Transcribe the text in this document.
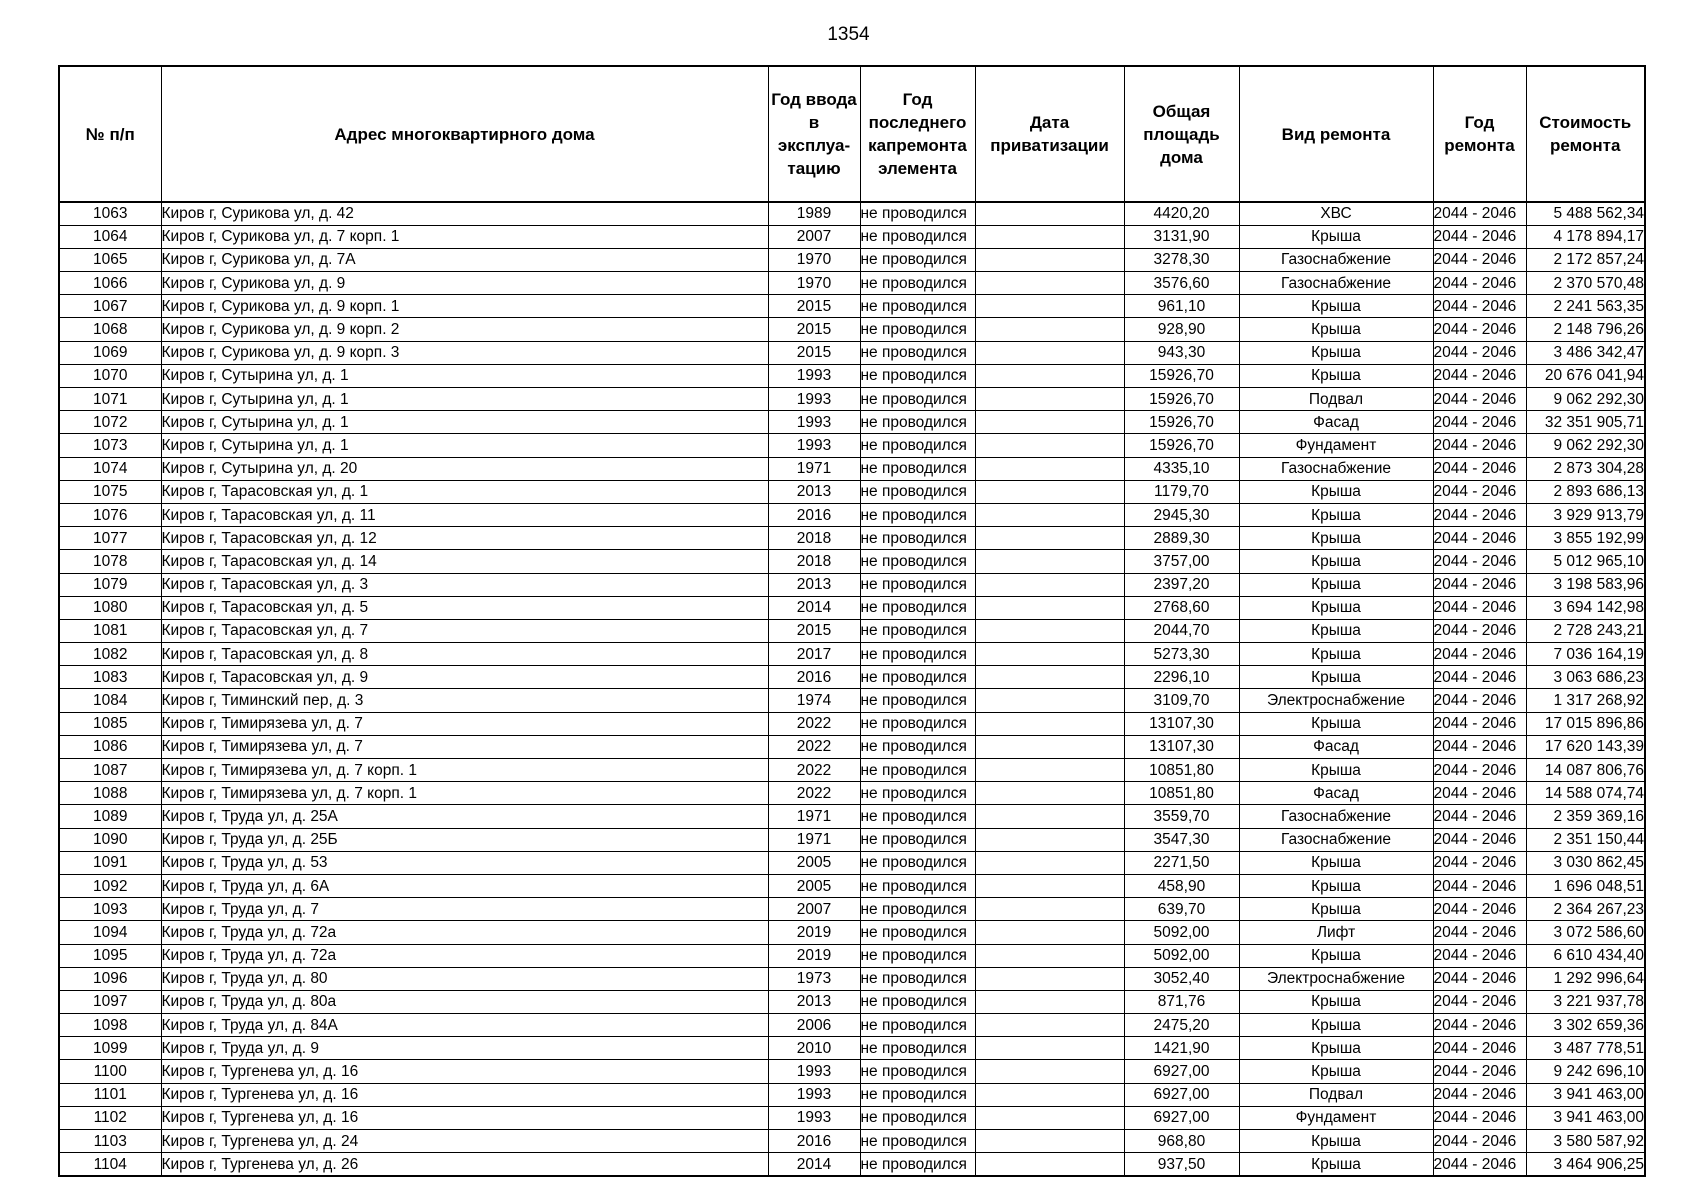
1354
№ п/п	Адрес многоквартирного дома	Год ввода в эксплуа-тацию	Год последнего капремонта элемента	Дата приватизации	Общая площадь дома	Вид ремонта	Год ремонта	Стоимость ремонта

1063	Киров г, Сурикова ул, д. 42	1989	не проводился		4420,20	ХВС	2044 - 2046	5 488 562,34
1064	Киров г, Сурикова ул, д. 7 корп. 1	2007	не проводился		3131,90	Крыша	2044 - 2046	4 178 894,17
1065	Киров г, Сурикова ул, д. 7А	1970	не проводился		3278,30	Газоснабжение	2044 - 2046	2 172 857,24
1066	Киров г, Сурикова ул, д. 9	1970	не проводился		3576,60	Газоснабжение	2044 - 2046	2 370 570,48
1067	Киров г, Сурикова ул, д. 9 корп. 1	2015	не проводился		961,10	Крыша	2044 - 2046	2 241 563,35
1068	Киров г, Сурикова ул, д. 9 корп. 2	2015	не проводился		928,90	Крыша	2044 - 2046	2 148 796,26
1069	Киров г, Сурикова ул, д. 9 корп. 3	2015	не проводился		943,30	Крыша	2044 - 2046	3 486 342,47
1070	Киров г, Сутырина ул, д. 1	1993	не проводился		15926,70	Крыша	2044 - 2046	20 676 041,94
1071	Киров г, Сутырина ул, д. 1	1993	не проводился		15926,70	Подвал	2044 - 2046	9 062 292,30
1072	Киров г, Сутырина ул, д. 1	1993	не проводился		15926,70	Фасад	2044 - 2046	32 351 905,71
1073	Киров г, Сутырина ул, д. 1	1993	не проводился		15926,70	Фундамент	2044 - 2046	9 062 292,30
1074	Киров г, Сутырина ул, д. 20	1971	не проводился		4335,10	Газоснабжение	2044 - 2046	2 873 304,28
1075	Киров г, Тарасовская ул, д. 1	2013	не проводился		1179,70	Крыша	2044 - 2046	2 893 686,13
1076	Киров г, Тарасовская ул, д. 11	2016	не проводился		2945,30	Крыша	2044 - 2046	3 929 913,79
1077	Киров г, Тарасовская ул, д. 12	2018	не проводился		2889,30	Крыша	2044 - 2046	3 855 192,99
1078	Киров г, Тарасовская ул, д. 14	2018	не проводился		3757,00	Крыша	2044 - 2046	5 012 965,10
1079	Киров г, Тарасовская ул, д. 3	2013	не проводился		2397,20	Крыша	2044 - 2046	3 198 583,96
1080	Киров г, Тарасовская ул, д. 5	2014	не проводился		2768,60	Крыша	2044 - 2046	3 694 142,98
1081	Киров г, Тарасовская ул, д. 7	2015	не проводился		2044,70	Крыша	2044 - 2046	2 728 243,21
1082	Киров г, Тарасовская ул, д. 8	2017	не проводился		5273,30	Крыша	2044 - 2046	7 036 164,19
1083	Киров г, Тарасовская ул, д. 9	2016	не проводился		2296,10	Крыша	2044 - 2046	3 063 686,23
1084	Киров г, Тиминский пер, д. 3	1974	не проводился		3109,70	Электроснабжение	2044 - 2046	1 317 268,92
1085	Киров г, Тимирязева ул, д. 7	2022	не проводился		13107,30	Крыша	2044 - 2046	17 015 896,86
1086	Киров г, Тимирязева ул, д. 7	2022	не проводился		13107,30	Фасад	2044 - 2046	17 620 143,39
1087	Киров г, Тимирязева ул, д. 7 корп. 1	2022	не проводился		10851,80	Крыша	2044 - 2046	14 087 806,76
1088	Киров г, Тимирязева ул, д. 7 корп. 1	2022	не проводился		10851,80	Фасад	2044 - 2046	14 588 074,74
1089	Киров г, Труда ул, д. 25А	1971	не проводился		3559,70	Газоснабжение	2044 - 2046	2 359 369,16
1090	Киров г, Труда ул, д. 25Б	1971	не проводился		3547,30	Газоснабжение	2044 - 2046	2 351 150,44
1091	Киров г, Труда ул, д. 53	2005	не проводился		2271,50	Крыша	2044 - 2046	3 030 862,45
1092	Киров г, Труда ул, д. 6А	2005	не проводился		458,90	Крыша	2044 - 2046	1 696 048,51
1093	Киров г, Труда ул, д. 7	2007	не проводился		639,70	Крыша	2044 - 2046	2 364 267,23
1094	Киров г, Труда ул, д. 72а	2019	не проводился		5092,00	Лифт	2044 - 2046	3 072 586,60
1095	Киров г, Труда ул, д. 72а	2019	не проводился		5092,00	Крыша	2044 - 2046	6 610 434,40
1096	Киров г, Труда ул, д. 80	1973	не проводился		3052,40	Электроснабжение	2044 - 2046	1 292 996,64
1097	Киров г, Труда ул, д. 80а	2013	не проводился		871,76	Крыша	2044 - 2046	3 221 937,78
1098	Киров г, Труда ул, д. 84А	2006	не проводился		2475,20	Крыша	2044 - 2046	3 302 659,36
1099	Киров г, Труда ул, д. 9	2010	не проводился		1421,90	Крыша	2044 - 2046	3 487 778,51
1100	Киров г, Тургенева ул, д. 16	1993	не проводился		6927,00	Крыша	2044 - 2046	9 242 696,10
1101	Киров г, Тургенева ул, д. 16	1993	не проводился		6927,00	Подвал	2044 - 2046	3 941 463,00
1102	Киров г, Тургенева ул, д. 16	1993	не проводился		6927,00	Фундамент	2044 - 2046	3 941 463,00
1103	Киров г, Тургенева ул, д. 24	2016	не проводился		968,80	Крыша	2044 - 2046	3 580 587,92
1104	Киров г, Тургенева ул, д. 26	2014	не проводился		937,50	Крыша	2044 - 2046	3 464 906,25
